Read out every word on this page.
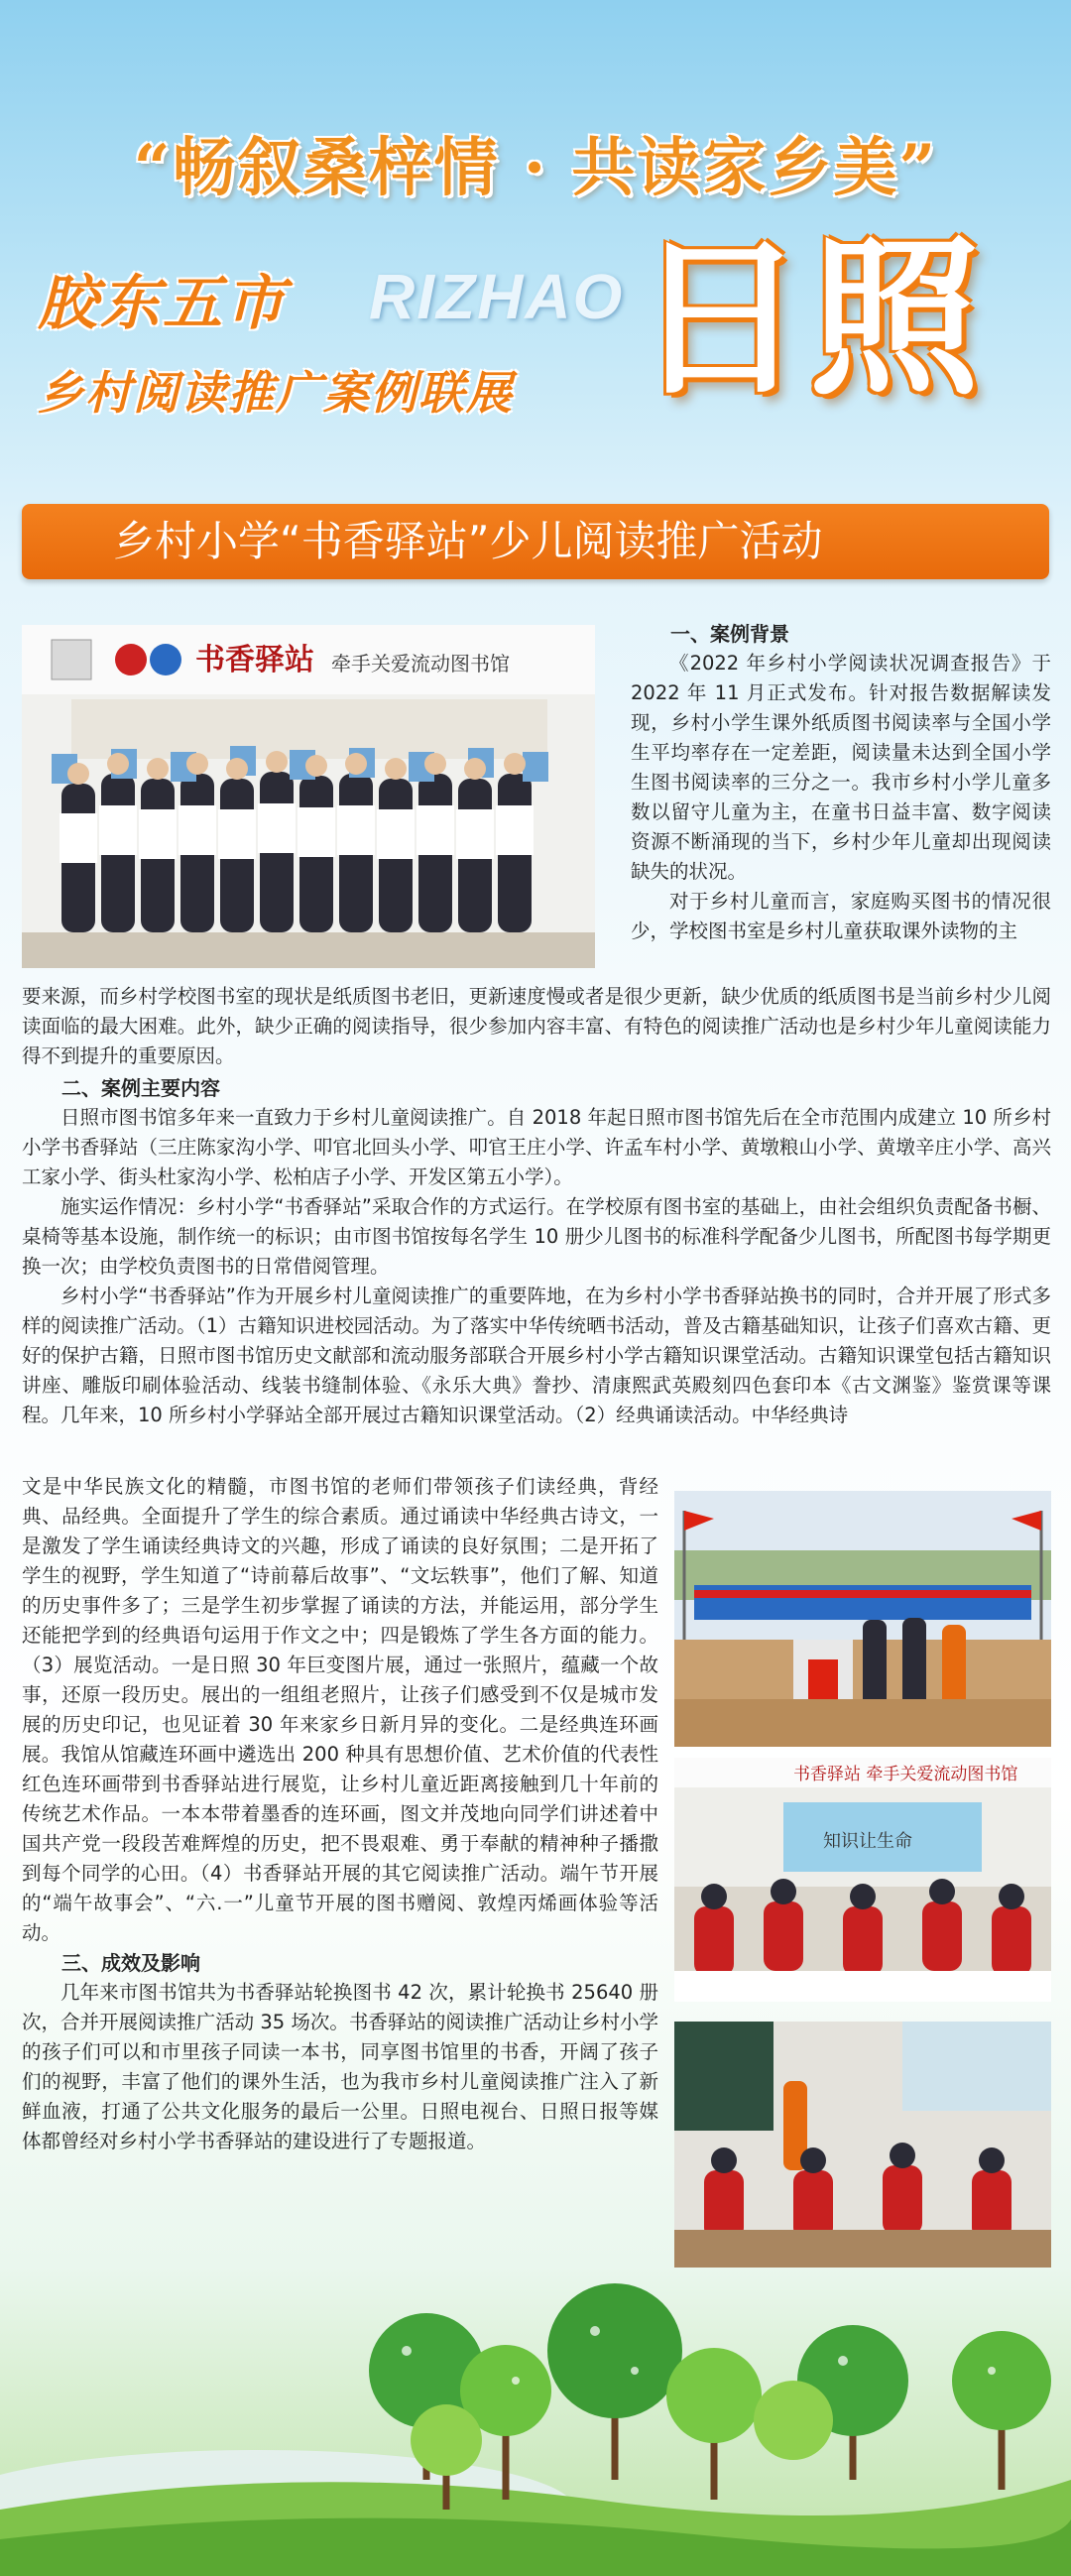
“畅叙桑梓情 · 共读家乡美”
胶东五市 RIZHAO
乡村阅读推广案例联展 日照
乡村小学“书香驿站”少儿阅读推广活动
书香驿站 牵手关爱流动图书馆
书香驿站 牵手关爱流动图书馆
知识让生命

一、案例背景

《2022 年乡村小学阅读状况调查报告》于 2022 年 11 月正式发布。针对报告数据解读发现，乡村小学生课外纸质图书阅读率与全国小学生平均率存在一定差距，阅读量未达到全国小学生图书阅读率的三分之一。我市乡村小学儿童多数以留守儿童为主，在童书日益丰富、数字阅读资源不断涌现的当下，乡村少年儿童却出现阅读缺失的状况。

对于乡村儿童而言，家庭购买图书的情况很少，学校图书室是乡村儿童获取课外读物的主

要来源，而乡村学校图书室的现状是纸质图书老旧，更新速度慢或者是很少更新，缺少优质的纸质图书是当前乡村少儿阅读面临的最大困难。此外，缺少正确的阅读指导，很少参加内容丰富、有特色的阅读推广活动也是乡村少年儿童阅读能力得不到提升的重要原因。

二、案例主要内容

日照市图书馆多年来一直致力于乡村儿童阅读推广。自 2018 年起日照市图书馆先后在全市范围内成建立 10 所乡村小学书香驿站（三庄陈家沟小学、叩官北回头小学、叩官王庄小学、许孟车村小学、黄墩粮山小学、黄墩辛庄小学、高兴工家小学、街头杜家沟小学、松柏店子小学、开发区第五小学）。

施实运作情况：乡村小学“书香驿站”采取合作的方式运行。在学校原有图书室的基础上，由社会组织负责配备书橱、桌椅等基本设施，制作统一的标识；由市图书馆按每名学生 10 册少儿图书的标准科学配备少儿图书，所配图书每学期更换一次；由学校负责图书的日常借阅管理。

乡村小学“书香驿站”作为开展乡村儿童阅读推广的重要阵地，在为乡村小学书香驿站换书的同时，合并开展了形式多样的阅读推广活动。（1）古籍知识进校园活动。为了落实中华传统晒书活动，普及古籍基础知识，让孩子们喜欢古籍、更好的保护古籍，日照市图书馆历史文献部和流动服务部联合开展乡村小学古籍知识课堂活动。古籍知识课堂包括古籍知识讲座、雕版印刷体验活动、线装书缝制体验、《永乐大典》誊抄、清康熙武英殿刻四色套印本《古文渊鉴》鉴赏课等课程。几年来，10 所乡村小学驿站全部开展过古籍知识课堂活动。（2）经典诵读活动。中华经典诗

文是中华民族文化的精髓，市图书馆的老师们带领孩子们读经典，背经典、品经典。全面提升了学生的综合素质。通过诵读中华经典古诗文，一是激发了学生诵读经典诗文的兴趣，形成了诵读的良好氛围；二是开拓了学生的视野，学生知道了“诗前幕后故事”、“文坛轶事”，他们了解、知道的历史事件多了；三是学生初步掌握了诵读的方法，并能运用，部分学生还能把学到的经典语句运用于作文之中；四是锻炼了学生各方面的能力。（3）展览活动。一是日照 30 年巨变图片展，通过一张照片，蕴藏一个故事，还原一段历史。展出的一组组老照片，让孩子们感受到不仅是城市发展的历史印记，也见证着 30 年来家乡日新月异的变化。二是经典连环画展。我馆从馆藏连环画中遴选出 200 种具有思想价值、艺术价值的代表性红色连环画带到书香驿站进行展览，让乡村儿童近距离接触到几十年前的传统艺术作品。一本本带着墨香的连环画，图文并茂地向同学们讲述着中国共产党一段段苦难辉煌的历史，把不畏艰难、勇于奉献的精神种子播撒到每个同学的心田。（4）书香驿站开展的其它阅读推广活动。端午节开展的“端午故事会”、“六.一”儿童节开展的图书赠阅、敦煌丙烯画体验等活动。

三、成效及影响

几年来市图书馆共为书香驿站轮换图书 42 次，累计轮换书 25640 册次，合并开展阅读推广活动 35 场次。书香驿站的阅读推广活动让乡村小学的孩子们可以和市里孩子同读一本书，同享图书馆里的书香，开阔了孩子们的视野，丰富了他们的课外生活，也为我市乡村儿童阅读推广注入了新鲜血液，打通了公共文化服务的最后一公里。日照电视台、日照日报等媒体都曾经对乡村小学书香驿站的建设进行了专题报道。
